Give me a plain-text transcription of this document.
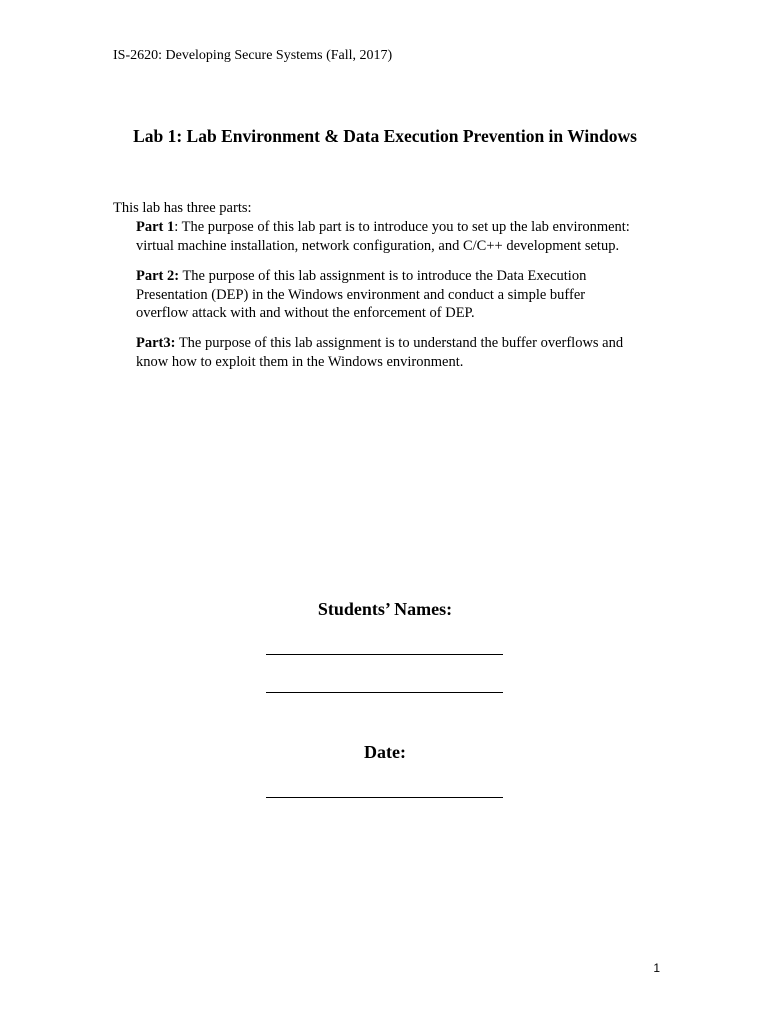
IS-2620: Developing Secure Systems (Fall, 2017)
Lab 1: Lab Environment & Data Execution Prevention in Windows
This lab has three parts:
Part 1: The purpose of this lab part is to introduce you to set up the lab environment:
virtual machine installation, network configuration, and C/C++ development setup.
Part 2: The purpose of this lab assignment is to introduce the Data Execution
Presentation (DEP) in the Windows environment and conduct a simple buffer
overflow attack with and without the enforcement of DEP.
Part3: The purpose of this lab assignment is to understand the buffer overflows and
know how to exploit them in the Windows environment.
Students’ Names:
Date:
1
